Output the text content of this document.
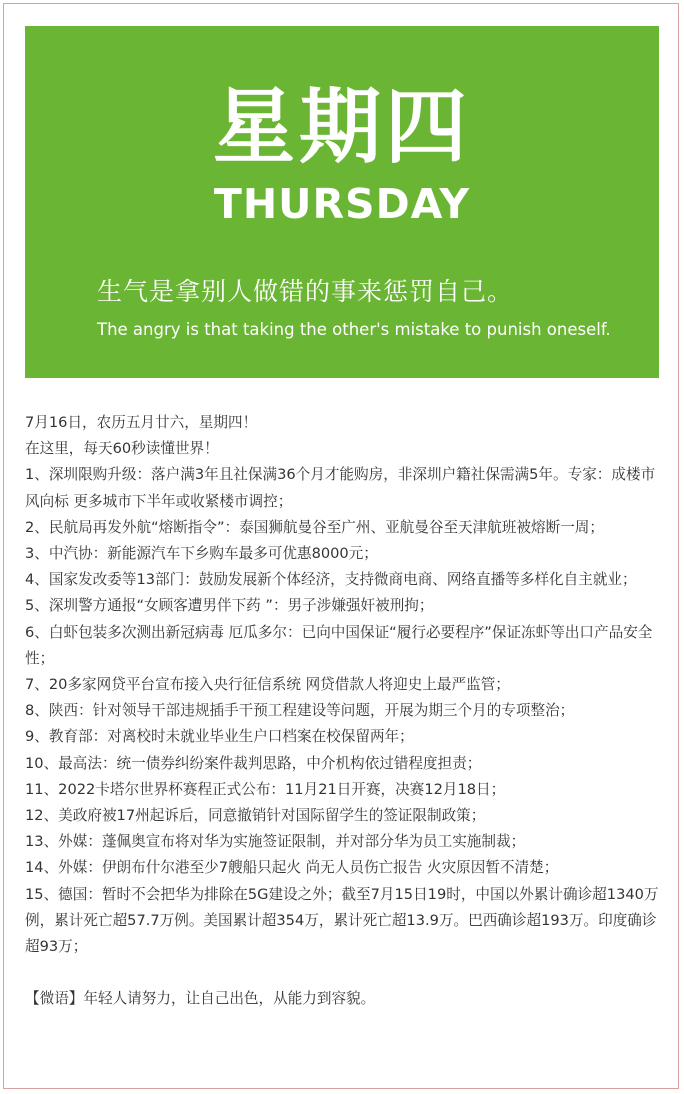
星期四
THURSDAY
生气是拿别人做错的事来惩罚自己。
The angry is that taking the other's mistake to punish oneself.

7月16日，农历五月廿六，星期四！

在这里，每天60秒读懂世界！

1、深圳限购升级：落户满3年且社保满36个月才能购房，非深圳户籍社保需满5年。专家：成楼市风向标 更多城市下半年或收紧楼市调控；

2、民航局再发外航“熔断指令”：泰国狮航曼谷至广州、亚航曼谷至天津航班被熔断一周；

3、中汽协：新能源汽车下乡购车最多可优惠8000元；

4、国家发改委等13部门：鼓励发展新个体经济，支持微商电商、网络直播等多样化自主就业；

5、深圳警方通报“女顾客遭男伴下药 ”：男子涉嫌强奸被刑拘；

6、白虾包装多次测出新冠病毒 厄瓜多尔：已向中国保证“履行必要程序”保证冻虾等出口产品安全性；

7、20多家网贷平台宣布接入央行征信系统 网贷借款人将迎史上最严监管；

8、陕西：针对领导干部违规插手干预工程建设等问题，开展为期三个月的专项整治；

9、教育部：对离校时未就业毕业生户口档案在校保留两年；

10、最高法：统一债券纠纷案件裁判思路，中介机构依过错程度担责；

11、2022卡塔尔世界杯赛程正式公布：11月21日开赛，决赛12月18日；

12、美政府被17州起诉后，同意撤销针对国际留学生的签证限制政策；

13、外媒：蓬佩奥宣布将对华为实施签证限制，并对部分华为员工实施制裁；

14、外媒：伊朗布什尔港至少7艘船只起火 尚无人员伤亡报告 火灾原因暂不清楚；

15、德国：暂时不会把华为排除在5G建设之外；截至7月15日19时，中国以外累计确诊超1340万例，累计死亡超57.7万例。美国累计超354万，累计死亡超13.9万。巴西确诊超193万。印度确诊超93万；

【微语】年轻人请努力，让自己出色，从能力到容貌。
